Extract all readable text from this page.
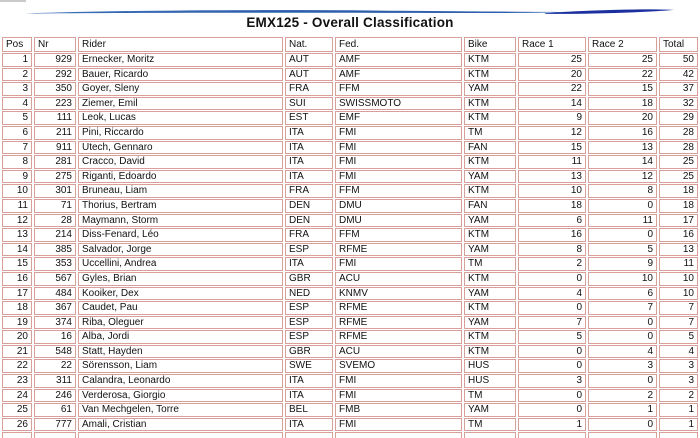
EMX125 - Overall Classification
Pos	Nr	Rider	Nat.	Fed.	Bike	Race 1	Race 2	Total
1	929	Ernecker, Moritz	AUT	AMF	KTM	25	25	50
2	292	Bauer, Ricardo	AUT	AMF	KTM	20	22	42
3	350	Goyer, Sleny	FRA	FFM	YAM	22	15	37
4	223	Ziemer, Emil	SUI	SWISSMOTO	KTM	14	18	32
5	111	Leok, Lucas	EST	EMF	KTM	9	20	29
6	211	Pini, Riccardo	ITA	FMI	TM	12	16	28
7	911	Utech, Gennaro	ITA	FMI	FAN	15	13	28
8	281	Cracco, David	ITA	FMI	KTM	11	14	25
9	275	Riganti, Edoardo	ITA	FMI	YAM	13	12	25
10	301	Bruneau, Liam	FRA	FFM	KTM	10	8	18
11	71	Thorius, Bertram	DEN	DMU	FAN	18	0	18
12	28	Maymann, Storm	DEN	DMU	YAM	6	11	17
13	214	Diss-Fenard, Léo	FRA	FFM	KTM	16	0	16
14	385	Salvador, Jorge	ESP	RFME	YAM	8	5	13
15	353	Uccellini, Andrea	ITA	FMI	TM	2	9	11
16	567	Gyles, Brian	GBR	ACU	KTM	0	10	10
17	484	Kooiker, Dex	NED	KNMV	YAM	4	6	10
18	367	Caudet, Pau	ESP	RFME	KTM	0	7	7
19	374	Riba, Oleguer	ESP	RFME	YAM	7	0	7
20	16	Alba, Jordi	ESP	RFME	KTM	5	0	5
21	548	Statt, Hayden	GBR	ACU	KTM	0	4	4
22	22	Sörensson, Liam	SWE	SVEMO	HUS	0	3	3
23	311	Calandra, Leonardo	ITA	FMI	HUS	3	0	3
24	246	Verderosa, Giorgio	ITA	FMI	TM	0	2	2
25	61	Van Mechgelen, Torre	BEL	FMB	YAM	0	1	1
26	777	Amali, Cristian	ITA	FMI	TM	1	0	1
